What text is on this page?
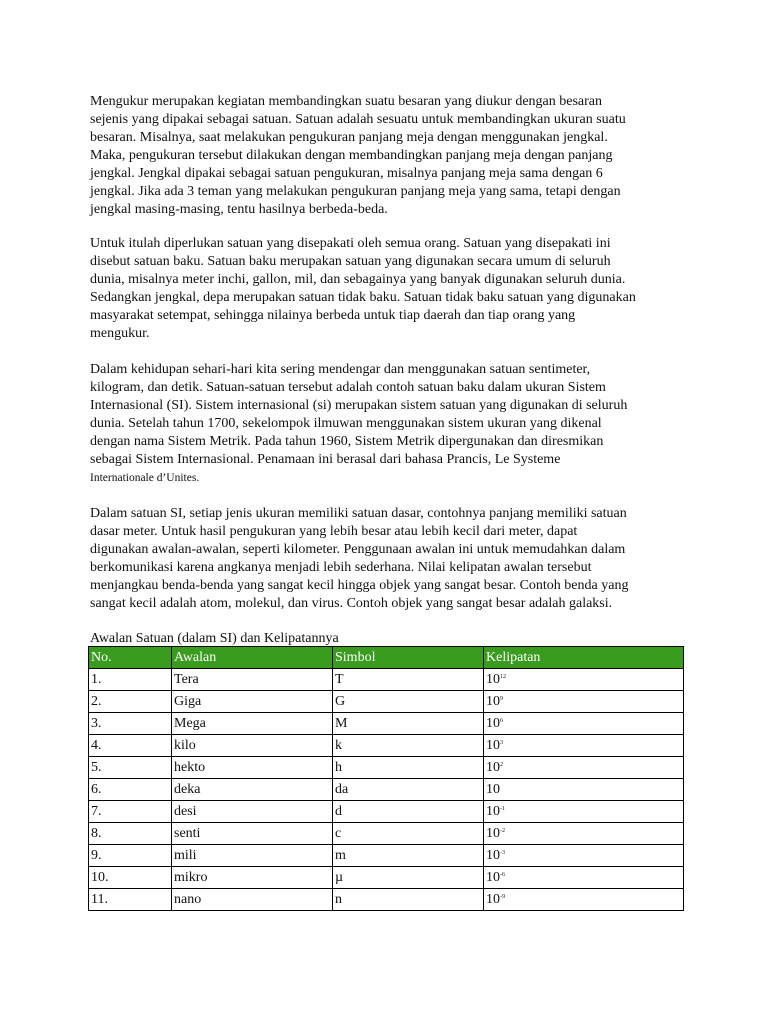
Mengukur merupakan kegiatan membandingkan suatu besaran yang diukur dengan besaran
sejenis yang dipakai sebagai satuan. Satuan adalah sesuatu untuk membandingkan ukuran suatu
besaran. Misalnya, saat melakukan pengukuran panjang meja dengan menggunakan jengkal.
Maka, pengukuran tersebut dilakukan dengan membandingkan panjang meja dengan panjang
jengkal. Jengkal dipakai sebagai satuan pengukuran, misalnya panjang meja sama dengan 6
jengkal. Jika ada 3 teman yang melakukan pengukuran panjang meja yang sama, tetapi dengan
jengkal masing-masing, tentu hasilnya berbeda-beda.

Untuk itulah diperlukan satuan yang disepakati oleh semua orang. Satuan yang disepakati ini
disebut satuan baku. Satuan baku merupakan satuan yang digunakan secara umum di seluruh
dunia, misalnya meter inchi, gallon, mil, dan sebagainya yang banyak digunakan seluruh dunia.
Sedangkan jengkal, depa merupakan satuan tidak baku. Satuan tidak baku satuan yang digunakan
masyarakat setempat, sehingga nilainya berbeda untuk tiap daerah dan tiap orang yang
mengukur.

Dalam kehidupan sehari-hari kita sering mendengar dan menggunakan satuan sentimeter,
kilogram, dan detik. Satuan-satuan tersebut adalah contoh satuan baku dalam ukuran Sistem
Internasional (SI). Sistem internasional (si) merupakan sistem satuan yang digunakan di seluruh
dunia. Setelah tahun 1700, sekelompok ilmuwan menggunakan sistem ukuran yang dikenal
dengan nama Sistem Metrik. Pada tahun 1960, Sistem Metrik dipergunakan dan diresmikan
sebagai Sistem Internasional. Penamaan ini berasal dari bahasa Prancis, Le Systeme
Internationale d’Unites.

Dalam satuan SI, setiap jenis ukuran memiliki satuan dasar, contohnya panjang memiliki satuan
dasar meter. Untuk hasil pengukuran yang lebih besar atau lebih kecil dari meter, dapat
digunakan awalan-awalan, seperti kilometer. Penggunaan awalan ini untuk memudahkan dalam
berkomunikasi karena angkanya menjadi lebih sederhana. Nilai kelipatan awalan tersebut
menjangkau benda-benda yang sangat kecil hingga objek yang sangat besar. Contoh benda yang
sangat kecil adalah atom, molekul, dan virus. Contoh objek yang sangat besar adalah galaksi.

Awalan Satuan (dalam SI) dan Kelipatannya

No.	Awalan	Simbol	Kelipatan
1.	Tera	T	$10^{12}$
2.	Giga	G	$10^9$
3.	Mega	M	$10^6$
4.	kilo	k	$10^3$
5.	hekto	h	$10^2$
6.	deka	da	10
7.	desi	d	$10^{-1}$
8.	senti	c	$10^{-2}$
9.	mili	m	$10^{-3}$
10.	mikro	µ	$10^{-6}$
11.	nano	n	$10^{-9}$
